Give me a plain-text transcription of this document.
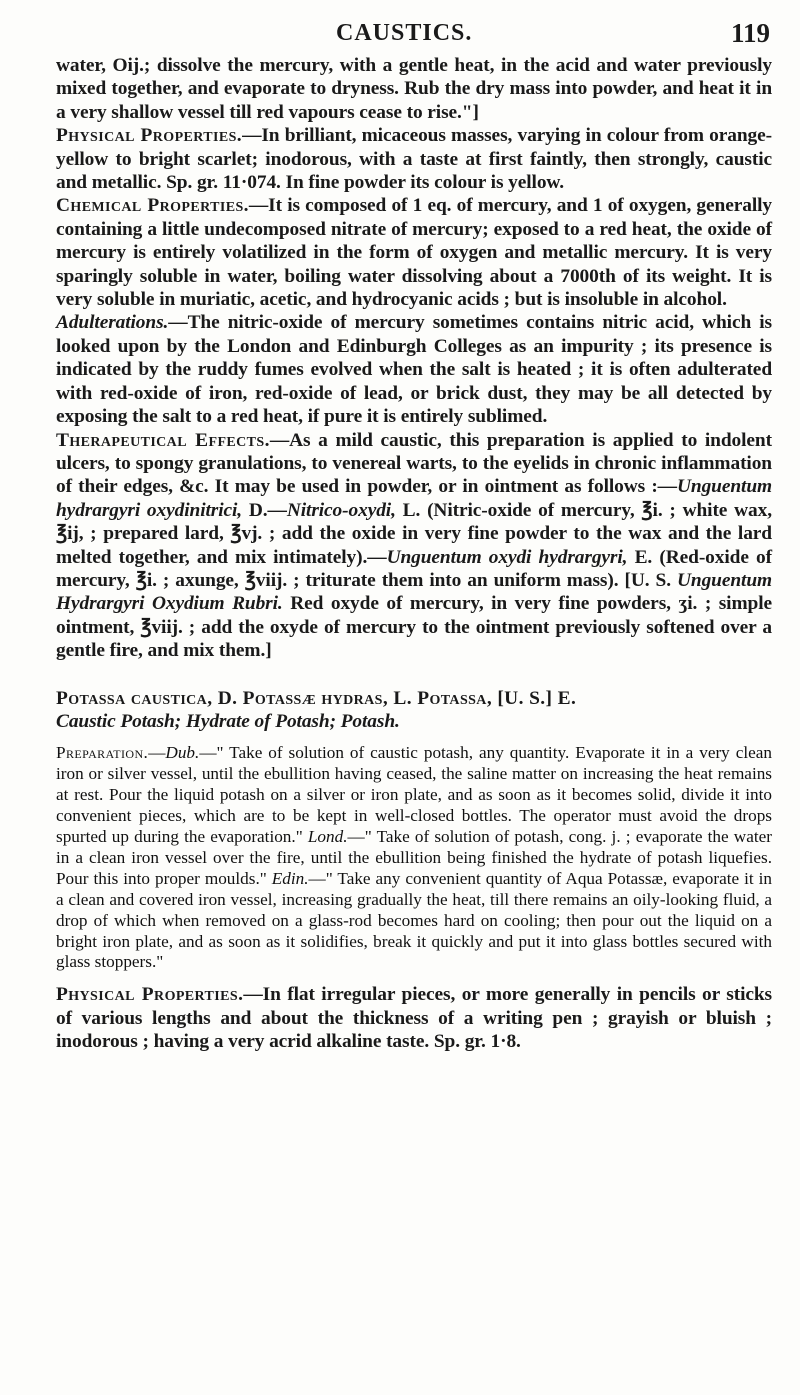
CAUSTICS.	119

water, Oij.; dissolve the mercury, with a gentle heat, in the acid and water previously mixed together, and evaporate to dryness. Rub the dry mass into powder, and heat it in a very shallow vessel till red vapours cease to rise."]

Physical Properties.—In brilliant, micaceous masses, varying in colour from orange-yellow to bright scarlet; inodorous, with a taste at first faintly, then strongly, caustic and metallic. Sp. gr. 11·074. In fine powder its colour is yellow.

Chemical Properties.—It is composed of 1 eq. of mercury, and 1 of oxygen, generally containing a little undecomposed nitrate of mercury; exposed to a red heat, the oxide of mercury is entirely volatilized in the form of oxygen and metallic mercury. It is very sparingly soluble in water, boiling water dissolving about a 7000th of its weight. It is very soluble in muriatic, acetic, and hydrocyanic acids ; but is insoluble in alcohol.

Adulterations.—The nitric-oxide of mercury sometimes contains nitric acid, which is looked upon by the London and Edinburgh Colleges as an impurity ; its presence is indicated by the ruddy fumes evolved when the salt is heated ; it is often adulterated with red-oxide of iron, red-oxide of lead, or brick dust, they may be all detected by exposing the salt to a red heat, if pure it is entirely sublimed.

Therapeutical Effects.—As a mild caustic, this preparation is applied to indolent ulcers, to spongy granulations, to venereal warts, to the eyelids in chronic inflammation of their edges, &c. It may be used in powder, or in ointment as follows :—Unguentum hydrargyri oxydinitrici, D.—Nitrico-oxydi, L. (Nitric-oxide of mercury, ℥i. ; white wax, ℥ij, ; prepared lard, ℥vj. ; add the oxide in very fine powder to the wax and the lard melted together, and mix intimately).—Unguentum oxydi hydrargyri, E. (Red-oxide of mercury, ℥i. ; axunge, ℥viij. ; triturate them into an uniform mass). [U. S. Unguentum Hydrargyri Oxydium Rubri. Red oxyde of mercury, in very fine powders, ʒi. ; simple ointment, ℥viij. ; add the oxyde of mercury to the ointment previously softened over a gentle fire, and mix them.]

Potassa caustica, D. Potassæ hydras, L. Potassa, [U. S.] E.

Caustic Potash; Hydrate of Potash; Potash.

Preparation.—Dub.—" Take of solution of caustic potash, any quantity. Evaporate it in a very clean iron or silver vessel, until the ebullition having ceased, the saline matter on increasing the heat remains at rest. Pour the liquid potash on a silver or iron plate, and as soon as it becomes solid, divide it into convenient pieces, which are to be kept in well-closed bottles. The operator must avoid the drops spurted up during the evaporation." Lond.—" Take of solution of potash, cong. j. ; evaporate the water in a clean iron vessel over the fire, until the ebullition being finished the hydrate of potash liquefies. Pour this into proper moulds." Edin.—" Take any convenient quantity of Aqua Potassæ, evaporate it in a clean and covered iron vessel, increasing gradually the heat, till there remains an oily-looking fluid, a drop of which when removed on a glass-rod becomes hard on cooling; then pour out the liquid on a bright iron plate, and as soon as it solidifies, break it quickly and put it into glass bottles secured with glass stoppers."

Physical Properties.—In flat irregular pieces, or more generally in pencils or sticks of various lengths and about the thickness of a writing pen ; grayish or bluish ; inodorous ; having a very acrid alkaline taste. Sp. gr. 1·8.
